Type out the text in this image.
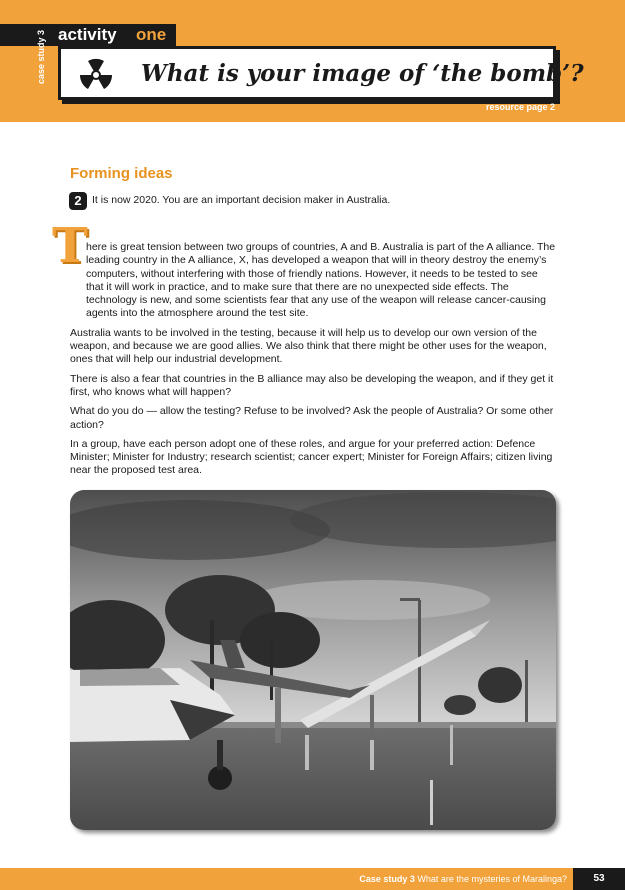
activity one
case study 3	What is your image of ‘the bomb’?
resource page 2
Forming ideas
2 It is now 2020. You are an important decision maker in Australia.
T

here is great tension between two groups of countries, A and B. Australia is part of the A alliance. The leading country in the A alliance, X, has developed a weapon that will in theory destroy the enemy’s computers, without interfering with those of friendly nations. However, it needs to be tested to see that it will work in practice, and to make sure that there are no unexpected side effects. The technology is new, and some scientists fear that any use of the weapon will release cancer-causing agents into the atmosphere around the test site.

Australia wants to be involved in the testing, because it will help us to develop our own version of the weapon, and because we are good allies. We also think that there might be other uses for the weapon, ones that will help our industrial development.

There is also a fear that countries in the B alliance may also be developing the weapon, and if they get it first, who knows what will happen?

What do you do — allow the testing? Refuse to be involved? Ask the people of Australia? Or some other action?

In a group, have each person adopt one of these roles, and argue for your preferred action: Defence Minister; Minister for Industry; research scientist; cancer expert; Minister for Foreign Affairs; citizen living near the proposed test area.

Case study 3 What are the mysteries of Maralinga?	53
